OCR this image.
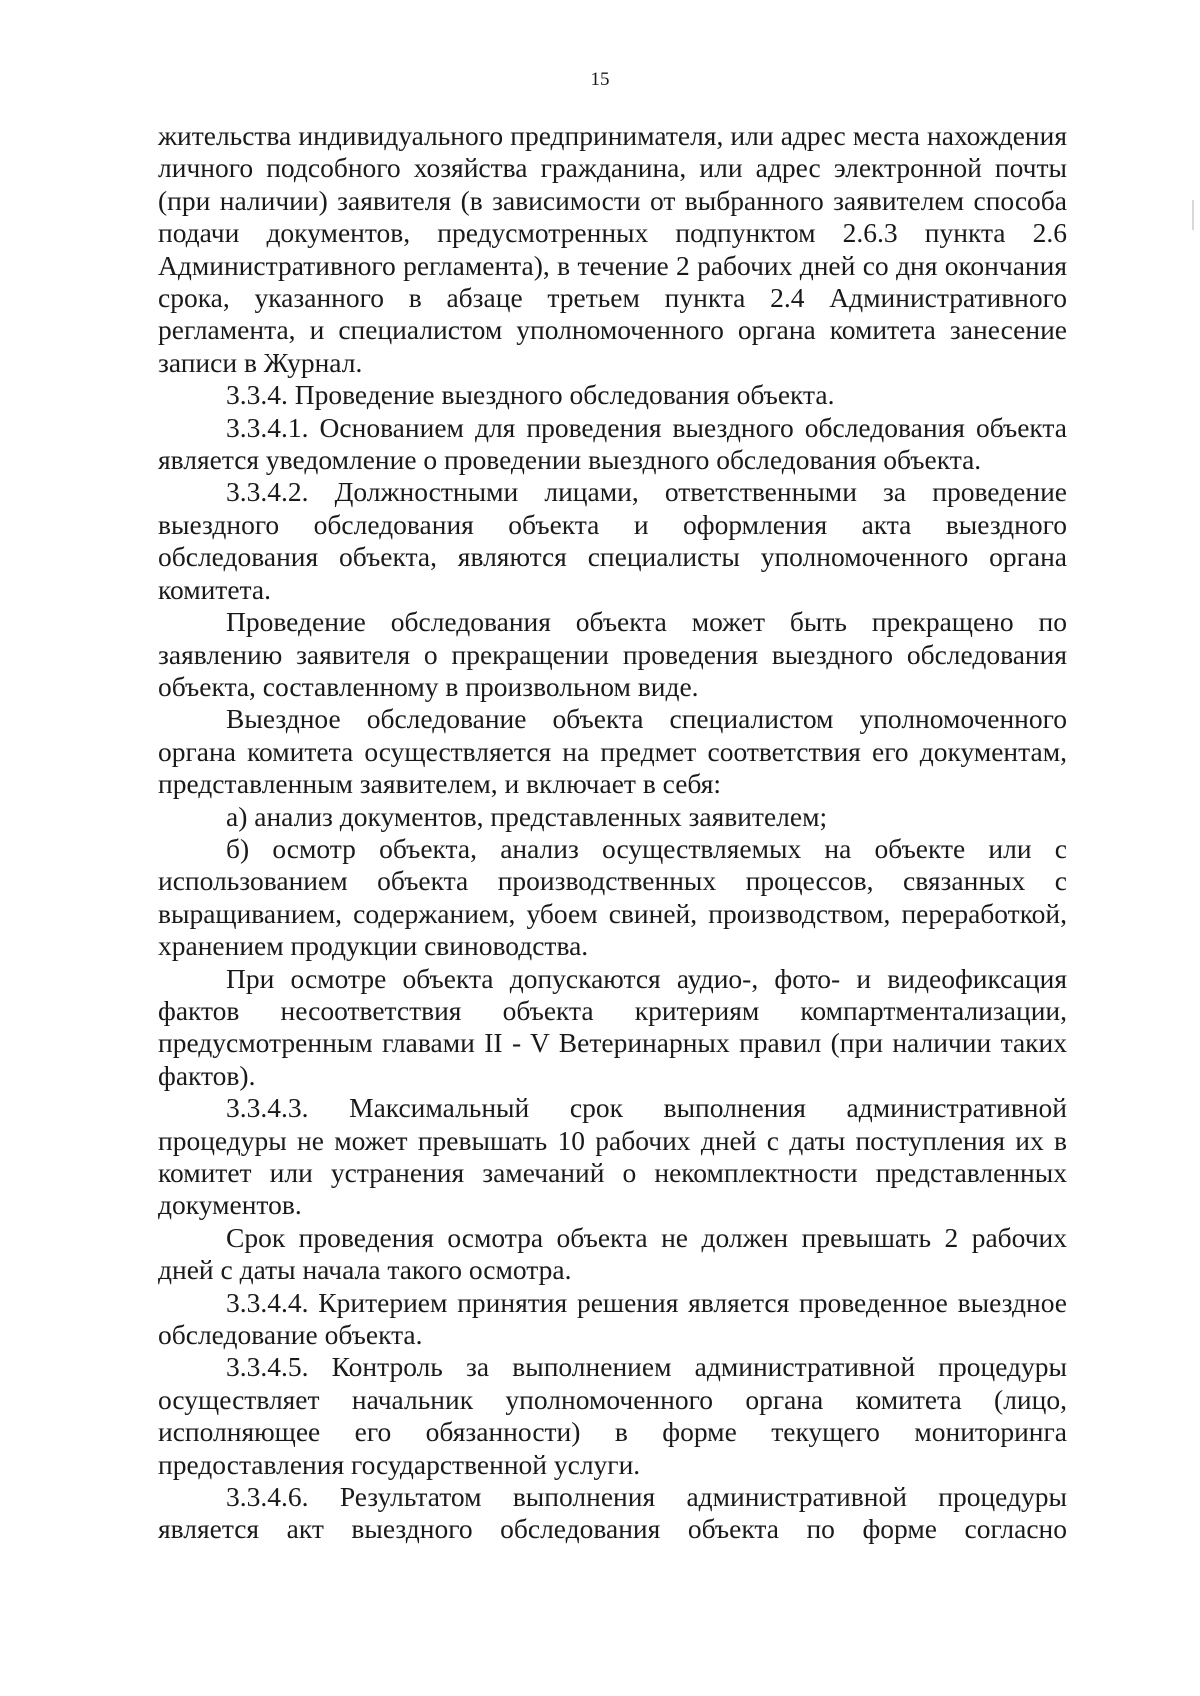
15

жительства индивидуального предпринимателя, или адрес места нахождения личного подсобного хозяйства гражданина, или адрес электронной почты (при наличии) заявителя (в зависимости от выбранного заявителем способа подачи документов, предусмотренных подпунктом 2.6.3 пункта 2.6 Административного регламента), в течение 2 рабочих дней со дня окончания срока, указанного в абзаце третьем пункта 2.4 Административного регламента, и специалистом уполномоченного органа комитета занесение записи в Журнал.

3.3.4. Проведение выездного обследования объекта.

3.3.4.1. Основанием для проведения выездного обследования объекта является уведомление о проведении выездного обследования объекта.

3.3.4.2. Должностными лицами, ответственными за проведение выездного обследования объекта и оформления акта выездного обследования объекта, являются специалисты уполномоченного органа комитета.

Проведение обследования объекта может быть прекращено по заявлению заявителя о прекращении проведения выездного обследования объекта, составленному в произвольном виде.

Выездное обследование объекта специалистом уполномоченного органа комитета осуществляется на предмет соответствия его документам, представленным заявителем, и включает в себя:

а) анализ документов, представленных заявителем;

б) осмотр объекта, анализ осуществляемых на объекте или с использованием объекта производственных процессов, связанных с выращиванием, содержанием, убоем свиней, производством, переработкой, хранением продукции свиноводства.

При осмотре объекта допускаются аудио-, фото- и видеофиксация фактов несоответствия объекта критериям компартментализации, предусмотренным главами II - V Ветеринарных правил (при наличии таких фактов).

3.3.4.3. Максимальный срок выполнения административной процедуры не может превышать 10 рабочих дней с даты поступления их в комитет или устранения замечаний о некомплектности представленных документов.

Срок проведения осмотра объекта не должен превышать 2 рабочих дней с даты начала такого осмотра.

3.3.4.4. Критерием принятия решения является проведенное выездное обследование объекта.

3.3.4.5. Контроль за выполнением административной процедуры осуществляет начальник уполномоченного органа комитета (лицо, исполняющее его обязанности) в форме текущего мониторинга предоставления государственной услуги.

3.3.4.6. Результатом выполнения административной процедуры является акт выездного обследования объекта по форме согласно
